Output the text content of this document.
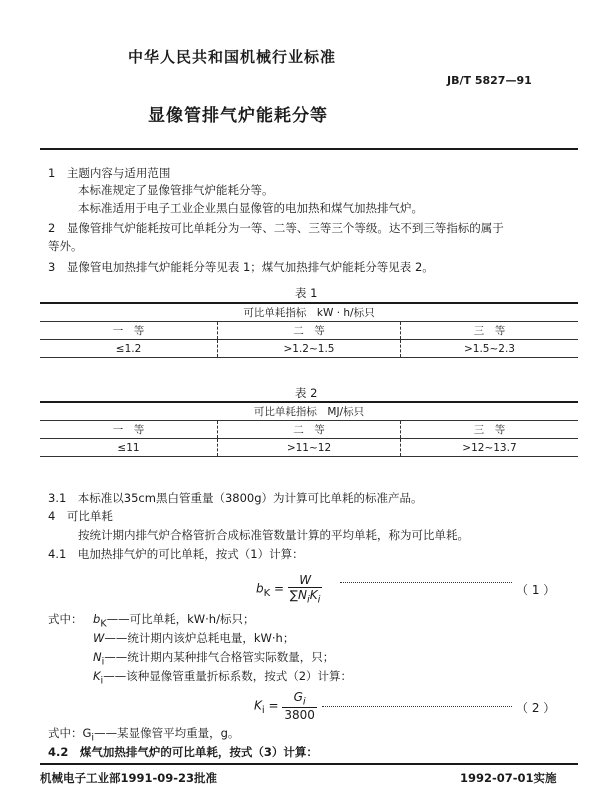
中华人民共和国机械行业标准
JB/T 5827—91
显像管排气炉能耗分等
1　主题内容与适用范围
本标准规定了显像管排气炉能耗分等。
本标准适用于电子工业企业黑白显像管的电加热和煤气加热排气炉。
2　显像管排气炉能耗按可比单耗分为一等、二等、三等三个等级。达不到三等指标的属于
等外。
3　显像管电加热排气炉能耗分等见表 1；煤气加热排气炉能耗分等见表 2。
表 1
可比单耗指标　kW · h/标只		
一　等	二　等	三　等
≤1.2	>1.2~1.5	>1.5~2.3
表 2
可比单耗指标　MJ/标只		
一　等	二　等	三　等
≤11	>11~12	>12~13.7
3.1　本标准以35cm黑白管重量（3800g）为计算可比单耗的标准产品。
4　可比单耗
按统计期内排气炉合格管折合成标准管数量计算的平均单耗，称为可比单耗。
4.1　电加热排气炉的可比单耗，按式（1）计算：
$b_K = \frac{W}{\sum N_iK_i}$	（ 1 ）
式中： $b_K——$可比单耗，kW·h/标只；
W——统计期内该炉总耗电量，kW·h；
$N_i——$统计期内某种排气合格管实际数量，只；
$K_i——$该种显像管重量折标系数，按式（2）计算：
$K_i = \frac{G_i}{3800}$	（ 2 ）
式中：$G_i——$某显像管平均重量，g。
4.2　煤气加热排气炉的可比单耗，按式（3）计算：
机械电子工业部1991-09-23批准	1992-07-01实施
